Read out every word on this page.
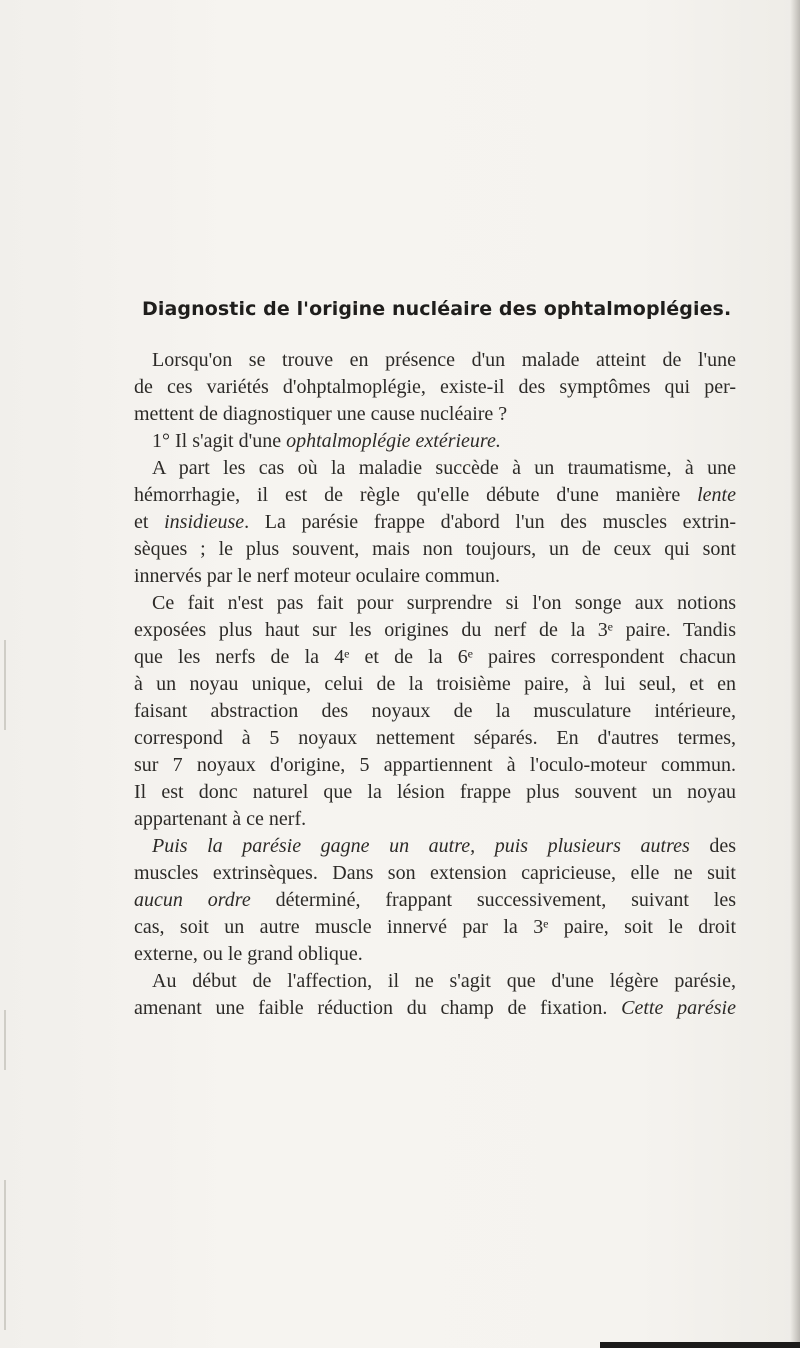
Diagnostic de l'origine nucléaire des ophtalmoplégies.
Lorsqu'on se trouve en présence d'un malade atteint de l'une
de ces variétés d'ohptalmoplégie, existe-il des symptômes qui per-
mettent de diagnostiquer une cause nucléaire ?
1° Il s'agit d'une ophtalmoplégie extérieure.
A part les cas où la maladie succède à un traumatisme, à une
hémorrhagie, il est de règle qu'elle débute d'une manière lente
et insidieuse. La parésie frappe d'abord l'un des muscles extrin-
sèques ; le plus souvent, mais non toujours, un de ceux qui sont
innervés par le nerf moteur oculaire commun.
Ce fait n'est pas fait pour surprendre si l'on songe aux notions
exposées plus haut sur les origines du nerf de la 3ᵉ paire. Tandis
que les nerfs de la 4ᵉ et de la 6ᵉ paires correspondent chacun
à un noyau unique, celui de la troisième paire, à lui seul, et en
faisant abstraction des noyaux de la musculature intérieure,
correspond à 5 noyaux nettement séparés. En d'autres termes,
sur 7 noyaux d'origine, 5 appartiennent à l'oculo-moteur commun.
Il est donc naturel que la lésion frappe plus souvent un noyau
appartenant à ce nerf.
Puis la parésie gagne un autre, puis plusieurs autres des
muscles extrinsèques. Dans son extension capricieuse, elle ne suit
aucun ordre déterminé, frappant successivement, suivant les
cas, soit un autre muscle innervé par la 3ᵉ paire, soit le droit
externe, ou le grand oblique.
Au début de l'affection, il ne s'agit que d'une légère parésie,
amenant une faible réduction du champ de fixation. Cette parésie
